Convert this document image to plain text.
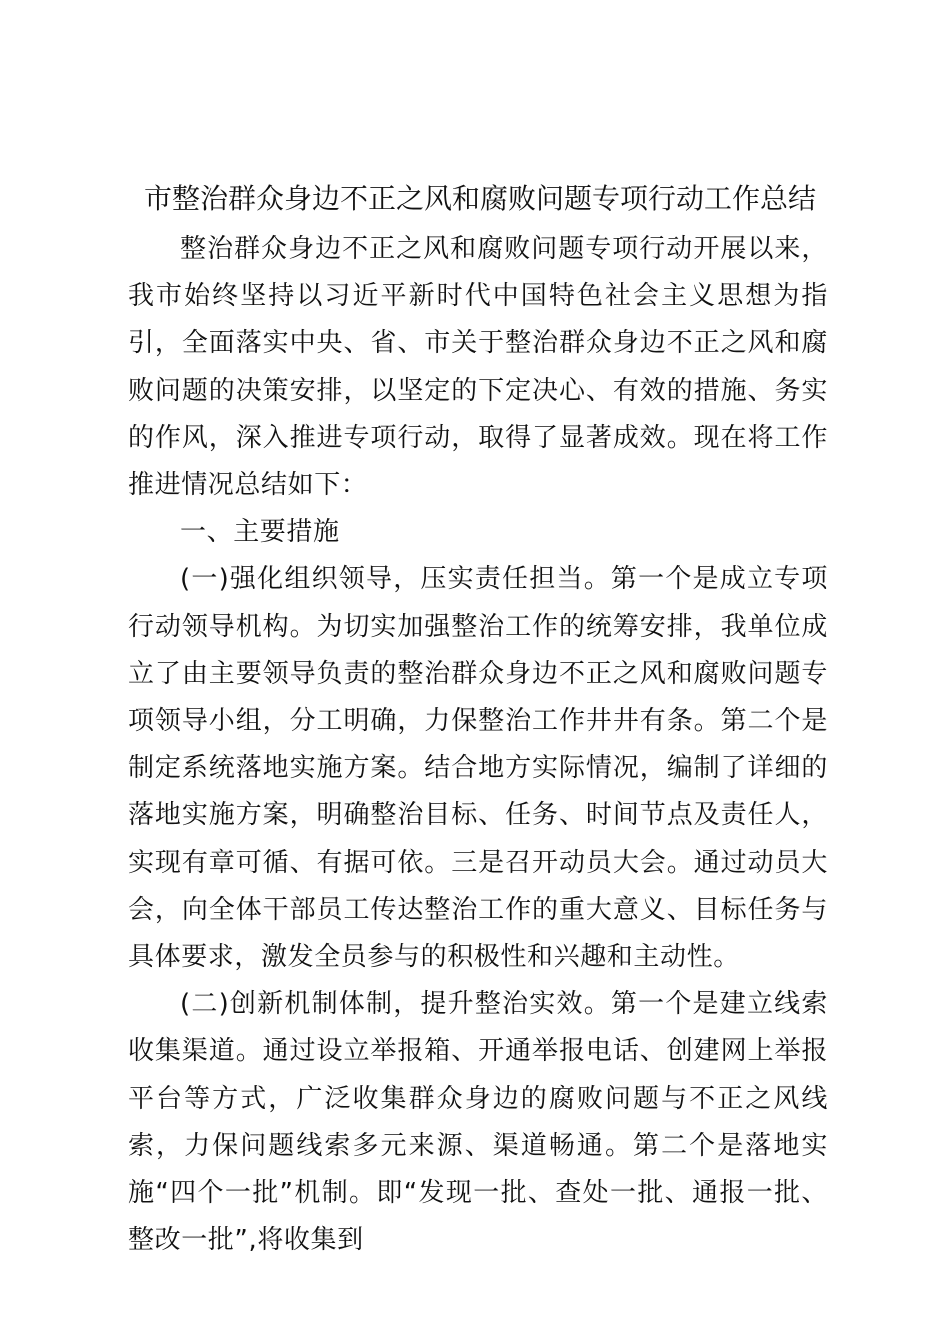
市整治群众身边不正之风和腐败问题专项行动工作总结

整治群众身边不正之风和腐败问题专项行动开展以来，我市始终坚持以习近平新时代中国特色社会主义思想为指引，全面落实中央、省、市关于整治群众身边不正之风和腐败问题的决策安排，以坚定的下定决心、有效的措施、务实的作风，深入推进专项行动，取得了显著成效。现在将工作推进情况总结如下：

一、主要措施

(一)强化组织领导，压实责任担当。第一个是成立专项行动领导机构。为切实加强整治工作的统筹安排，我单位成立了由主要领导负责的整治群众身边不正之风和腐败问题专项领导小组，分工明确，力保整治工作井井有条。第二个是制定系统落地实施方案。结合地方实际情况，编制了详细的落地实施方案，明确整治目标、任务、时间节点及责任人，实现有章可循、有据可依。三是召开动员大会。通过动员大会，向全体干部员工传达整治工作的重大意义、目标任务与具体要求，激发全员参与的积极性和兴趣和主动性。

(二)创新机制体制，提升整治实效。第一个是建立线索收集渠道。通过设立举报箱、开通举报电话、创建网上举报平台等方式，广泛收集群众身边的腐败问题与不正之风线索，力保问题线索多元来源、渠道畅通。第二个是落地实施“四个一批”机制。即“发现一批、查处一批、通报一批、整改一批”,将收集到
